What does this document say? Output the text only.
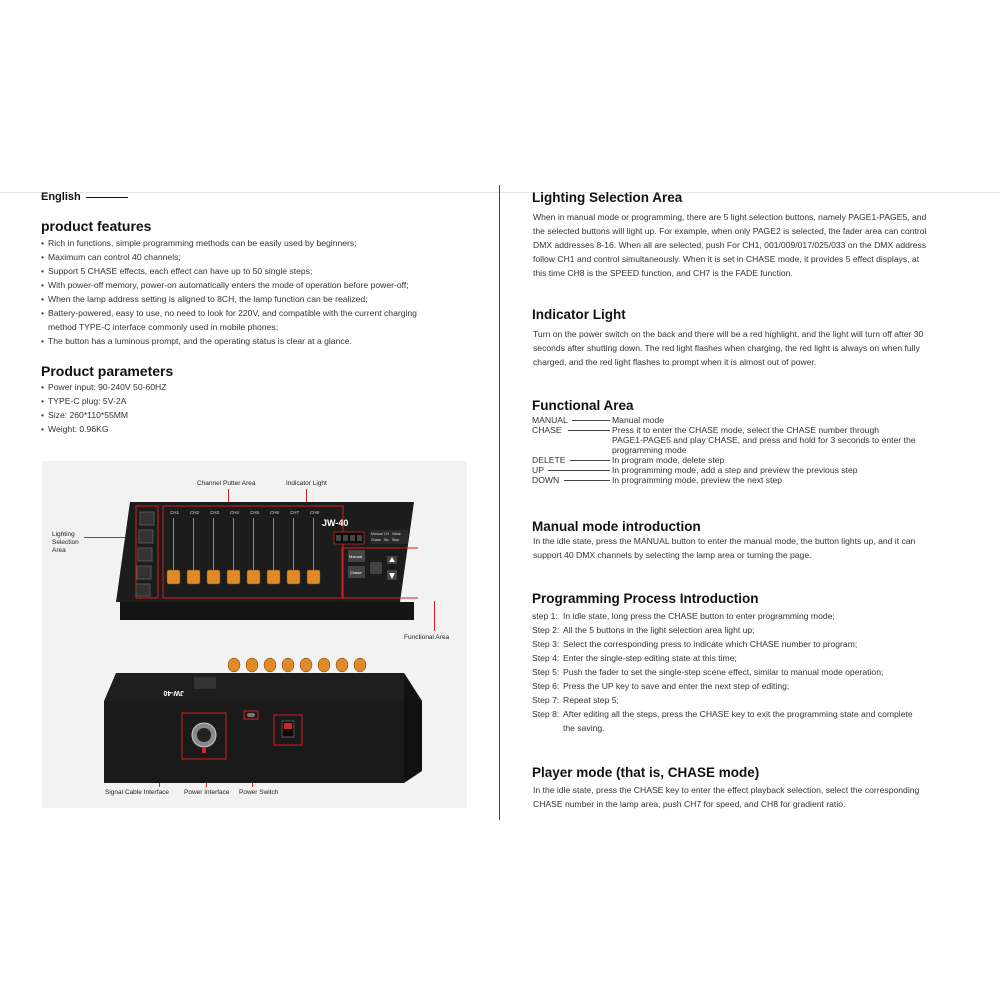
English
product features
• Rich in functions, simple programming methods can be easily used by beginners;
• Maximum can control 40 channels;
• Support 5 CHASE effects, each effect can have up to 50 single steps;
• With power-off memory, power-on automatically enters the mode of operation before power-off;
• When the lamp address setting is aligned to 8CH, the lamp function can be realized;
• Battery-powered, easy to use, no need to look for 220V, and compatible with the current charging
method TYPE-C interface commonly used in mobile phones;
• The button has a luminous prompt, and the operating status is clear at a glance.
Product parameters
• Power input: 90-240V 50-60HZ
• TYPE-C plug: 5V-2A
• Size: 260*110*55MM
• Weight: 0.96KG
Channel Putter Area	Indicator Light
Lighting
Selection
Area
Functional Area
Signal Cable Interface Power Interface Power Switch
CH1 CH2 CH3 CH4 CH5 CH6 CH7 CH8
JW-40
Manual CH Value
Chase No. Step
Manual
Chase
JW-40
Lighting Selection Area
When in manual mode or programming, there are 5 light selection buttons, namely PAGE1-PAGE5, and
the selected buttons will light up. For example, when only PAGE2 is selected, the fader area can control
DMX addresses 8-16. When all are selected, push For CH1, 001/009/017/025/033 on the DMX address
follow CH1 and control simultaneously. When it is set in CHASE mode, it provides 5 effect displays, at
this time CH8 is the SPEED function, and CH7 is the FADE function.
Indicator Light
Turn on the power switch on the back and there will be a red highlight, and the light will turn off after 30
seconds after shutting down. The red light flashes when charging, the red light is always on when fully
charged, and the red light flashes to prompt when it is almost out of power.
Functional Area
MANUAL	Manual mode
CHASE	Press it to enter the CHASE mode, select the CHASE number through
PAGE1-PAGE5 and play CHASE, and press and hold for 3 seconds to enter the
programming mode
DELETE	In program mode, delete step
UP	In programming mode, add a step and preview the previous step
DOWN	In programming mode, preview the next step
Manual mode introduction
In the idle state, press the MANUAL button to enter the manual mode, the button lights up, and it can
support 40 DMX channels by selecting the lamp area or turning the page.
Programming Process Introduction
step 1: In idle state, long press the CHASE button to enter programming mode;
Step 2: All the 5 buttons in the light selection area light up;
Step 3: Select the corresponding press to indicate which CHASE number to program;
Step 4: Enter the single-step editing state at this time;
Step 5: Push the fader to set the single-step scene effect, similar to manual mode operation;
Step 6: Press the UP key to save and enter the next step of editing;
Step 7: Repeat step 5;
Step 8: After editing all the steps, press the CHASE key to exit the programming state and complete
the saving.
Player mode (that is, CHASE mode)
In the idle state, press the CHASE key to enter the effect playback selection, select the corresponding
CHASE number in the lamp area, push CH7 for speed, and CH8 for gradient ratio.
